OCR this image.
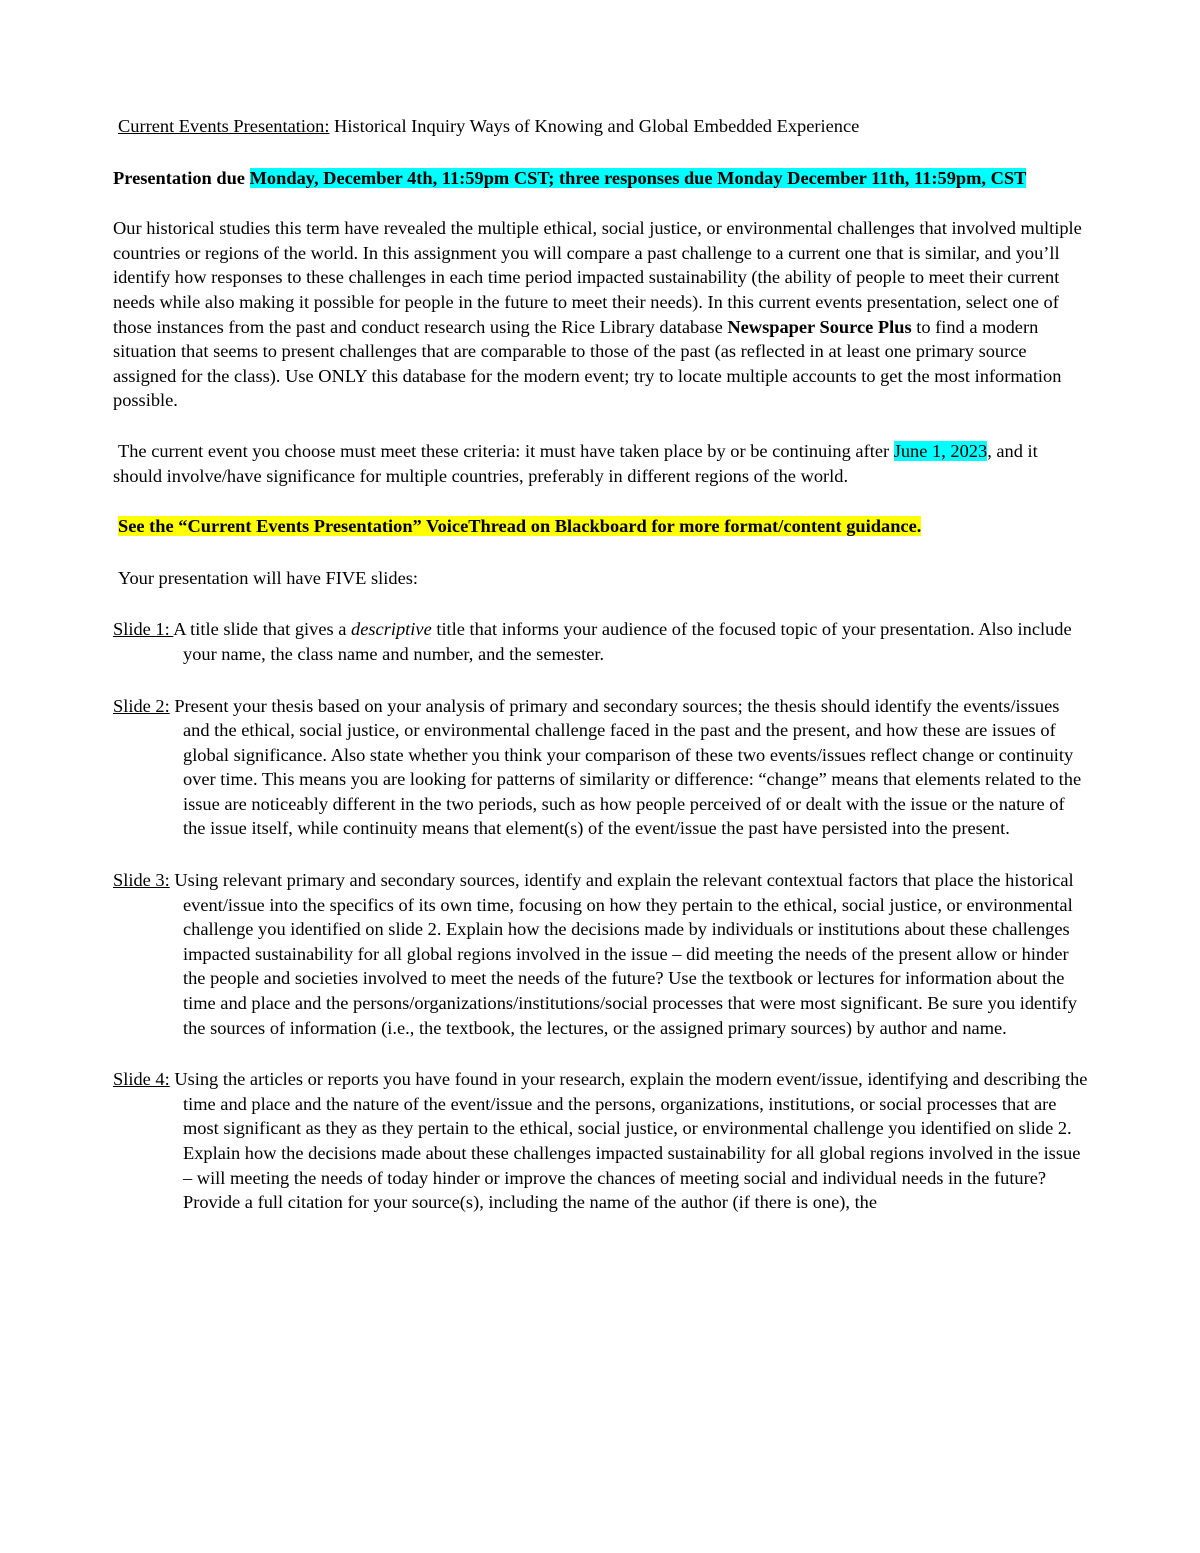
Current Events Presentation: Historical Inquiry Ways of Knowing and Global Embedded Experience

Presentation due Monday, December 4th, 11:59pm CST; three responses due Monday December 11th, 11:59pm, CST

Our historical studies this term have revealed the multiple ethical, social justice, or environmental challenges that involved multiple countries or regions of the world. In this assignment you will compare a past challenge to a current one that is similar, and you’ll identify how responses to these challenges in each time period impacted sustainability (the ability of people to meet their current needs while also making it possible for people in the future to meet their needs). In this current events presentation, select one of those instances from the past and conduct research using the Rice Library database Newspaper Source Plus to find a modern situation that seems to present challenges that are comparable to those of the past (as reflected in at least one primary source assigned for the class). Use ONLY this database for the modern event; try to locate multiple accounts to get the most information possible.

The current event you choose must meet these criteria: it must have taken place by or be continuing after June 1, 2023, and it should involve/have significance for multiple countries, preferably in different regions of the world.

See the “Current Events Presentation” VoiceThread on Blackboard for more format/content guidance.

Your presentation will have FIVE slides:

Slide 1: A title slide that gives a descriptive title that informs your audience of the focused topic of your presentation. Also include your name, the class name and number, and the semester.

Slide 2: Present your thesis based on your analysis of primary and secondary sources; the thesis should identify the events/issues and the ethical, social justice, or environmental challenge faced in the past and the present, and how these are issues of global significance. Also state whether you think your comparison of these two events/issues reflect change or continuity over time. This means you are looking for patterns of similarity or difference: “change” means that elements related to the issue are noticeably different in the two periods, such as how people perceived of or dealt with the issue or the nature of the issue itself, while continuity means that element(s) of the event/issue the past have persisted into the present.

Slide 3: Using relevant primary and secondary sources, identify and explain the relevant contextual factors that place the historical event/issue into the specifics of its own time, focusing on how they pertain to the ethical, social justice, or environmental challenge you identified on slide 2. Explain how the decisions made by individuals or institutions about these challenges impacted sustainability for all global regions involved in the issue – did meeting the needs of the present allow or hinder the people and societies involved to meet the needs of the future? Use the textbook or lectures for information about the time and place and the persons/organizations/institutions/social processes that were most significant. Be sure you identify the sources of information (i.e., the textbook, the lectures, or the assigned primary sources) by author and name.

Slide 4: Using the articles or reports you have found in your research, explain the modern event/issue, identifying and describing the time and place and the nature of the event/issue and the persons, organizations, institutions, or social processes that are most significant as they as they pertain to the ethical, social justice, or environmental challenge you identified on slide 2. Explain how the decisions made about these challenges impacted sustainability for all global regions involved in the issue – will meeting the needs of today hinder or improve the chances of meeting social and individual needs in the future? Provide a full citation for your source(s), including the name of the author (if there is one), the
